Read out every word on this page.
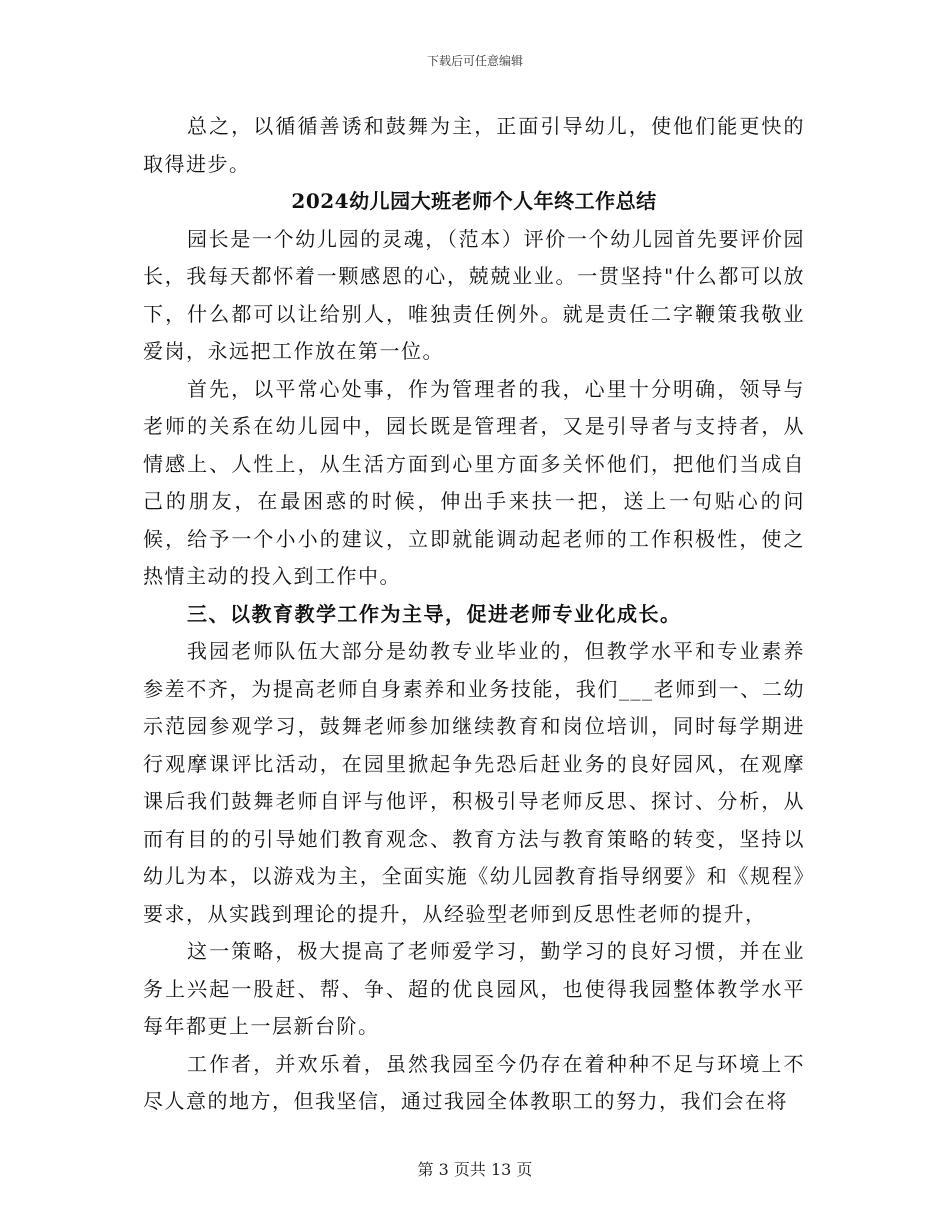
下载后可任意编辑

总之，以循循善诱和鼓舞为主，正面引导幼儿，使他们能更快的取得进步。

2024幼儿园大班老师个人年终工作总结

园长是一个幼儿园的灵魂，（范本）评价一个幼儿园首先要评价园长，我每天都怀着一颗感恩的心，兢兢业业。一贯坚持"什么都可以放下，什么都可以让给别人，唯独责任例外。就是责任二字鞭策我敬业爱岗，永远把工作放在第一位。

首先，以平常心处事，作为管理者的我，心里十分明确，领导与老师的关系在幼儿园中，园长既是管理者，又是引导者与支持者，从情感上、人性上，从生活方面到心里方面多关怀他们，把他们当成自己的朋友，在最困惑的时候，伸出手来扶一把，送上一句贴心的问候，给予一个小小的建议，立即就能调动起老师的工作积极性，使之热情主动的投入到工作中。

三、以教育教学工作为主导，促进老师专业化成长。

我园老师队伍大部分是幼教专业毕业的，但教学水平和专业素养参差不齐，为提高老师自身素养和业务技能，我们___老师到一、二幼示范园参观学习，鼓舞老师参加继续教育和岗位培训，同时每学期进行观摩课评比活动，在园里掀起争先恐后赶业务的良好园风，在观摩课后我们鼓舞老师自评与他评，积极引导老师反思、探讨、分析，从而有目的的引导她们教育观念、教育方法与教育策略的转变，坚持以幼儿为本，以游戏为主，全面实施《幼儿园教育指导纲要》和《规程》要求，从实践到理论的提升，从经验型老师到反思性老师的提升，

这一策略，极大提高了老师爱学习，勤学习的良好习惯，并在业务上兴起一股赶、帮、争、超的优良园风，也使得我园整体教学水平每年都更上一层新台阶。

工作者，并欢乐着，虽然我园至今仍存在着种种不足与环境上不尽人意的地方，但我坚信，通过我园全体教职工的努力，我们会在将

第 3 页共 13 页
